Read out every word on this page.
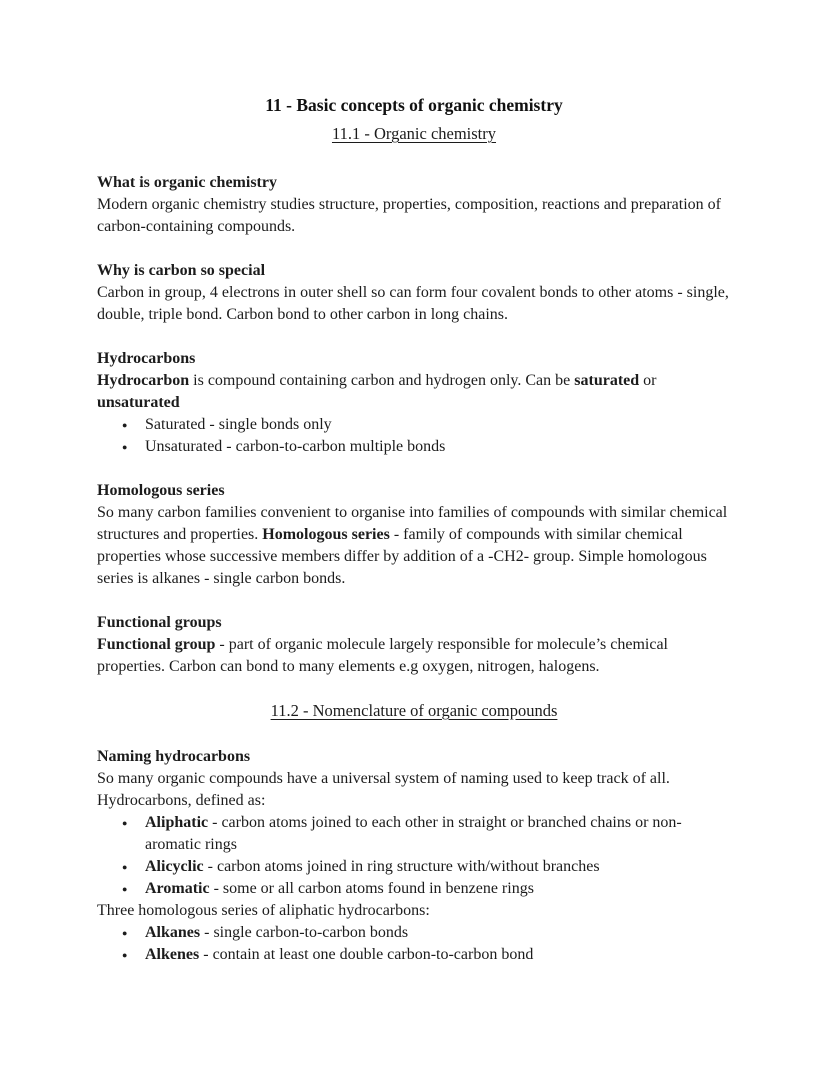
11 - Basic concepts of organic chemistry
11.1 - Organic chemistry
What is organic chemistry

Modern organic chemistry studies structure, properties, composition, reactions and preparation of carbon-containing compounds.

Why is carbon so special

Carbon in group, 4 electrons in outer shell so can form four covalent bonds to other atoms - single, double, triple bond. Carbon bond to other carbon in long chains.

Hydrocarbons

Hydrocarbon is compound containing carbon and hydrogen only. Can be saturated or unsaturated

● Saturated - single bonds only
● Unsaturated - carbon-to-carbon multiple bonds
Homologous series

So many carbon families convenient to organise into families of compounds with similar chemical structures and properties. Homologous series - family of compounds with similar chemical properties whose successive members differ by addition of a -CH2- group. Simple homologous series is alkanes - single carbon bonds.

Functional groups

Functional group - part of organic molecule largely responsible for molecule’s chemical properties. Carbon can bond to many elements e.g oxygen, nitrogen, halogens.

11.2 - Nomenclature of organic compounds
Naming hydrocarbons

So many organic compounds have a universal system of naming used to keep track of all. Hydrocarbons, defined as:

● Aliphatic - carbon atoms joined to each other in straight or branched chains or non-aromatic rings
● Alicyclic - carbon atoms joined in ring structure with/without branches
● Aromatic - some or all carbon atoms found in benzene rings

Three homologous series of aliphatic hydrocarbons:

● Alkanes - single carbon-to-carbon bonds
● Alkenes - contain at least one double carbon-to-carbon bond
